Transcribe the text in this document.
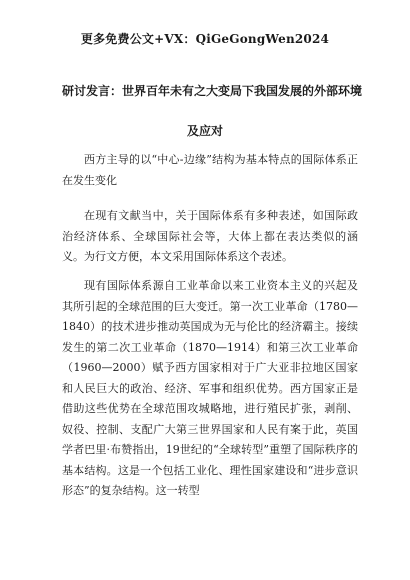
更多免费公文+VX：QiGeGongWen2024
研讨发言：世界百年未有之大变局下我国发展的外部环境
及应对
西方主导的以“中心-边缘”结构为基本特点的国际体系正在发生变化
在现有文献当中，关于国际体系有多种表述，如国际政治经济体系、全球国际社会等，大体上都在表达类似的涵义。为行文方便，本文采用国际体系这个表述。
现有国际体系源自工业革命以来工业资本主义的兴起及其所引起的全球范围的巨大变迁。第一次工业革命（1780—1840）的技术进步推动英国成为无与伦比的经济霸主。接续发生的第二次工业革命（1870—1914）和第三次工业革命（1960—2000）赋予西方国家相对于广大亚非拉地区国家和人民巨大的政治、经济、军事和组织优势。西方国家正是借助这些优势在全球范围攻城略地，进行殖民扩张，剥削、奴役、控制、支配广大第三世界国家和人民有案于此，英国学者巴里·布赞指出，19世纪的“全球转型”重塑了国际秩序的基本结构。这是一个包括工业化、理性国家建设和“进步意识形态”的复杂结构。这一转型
